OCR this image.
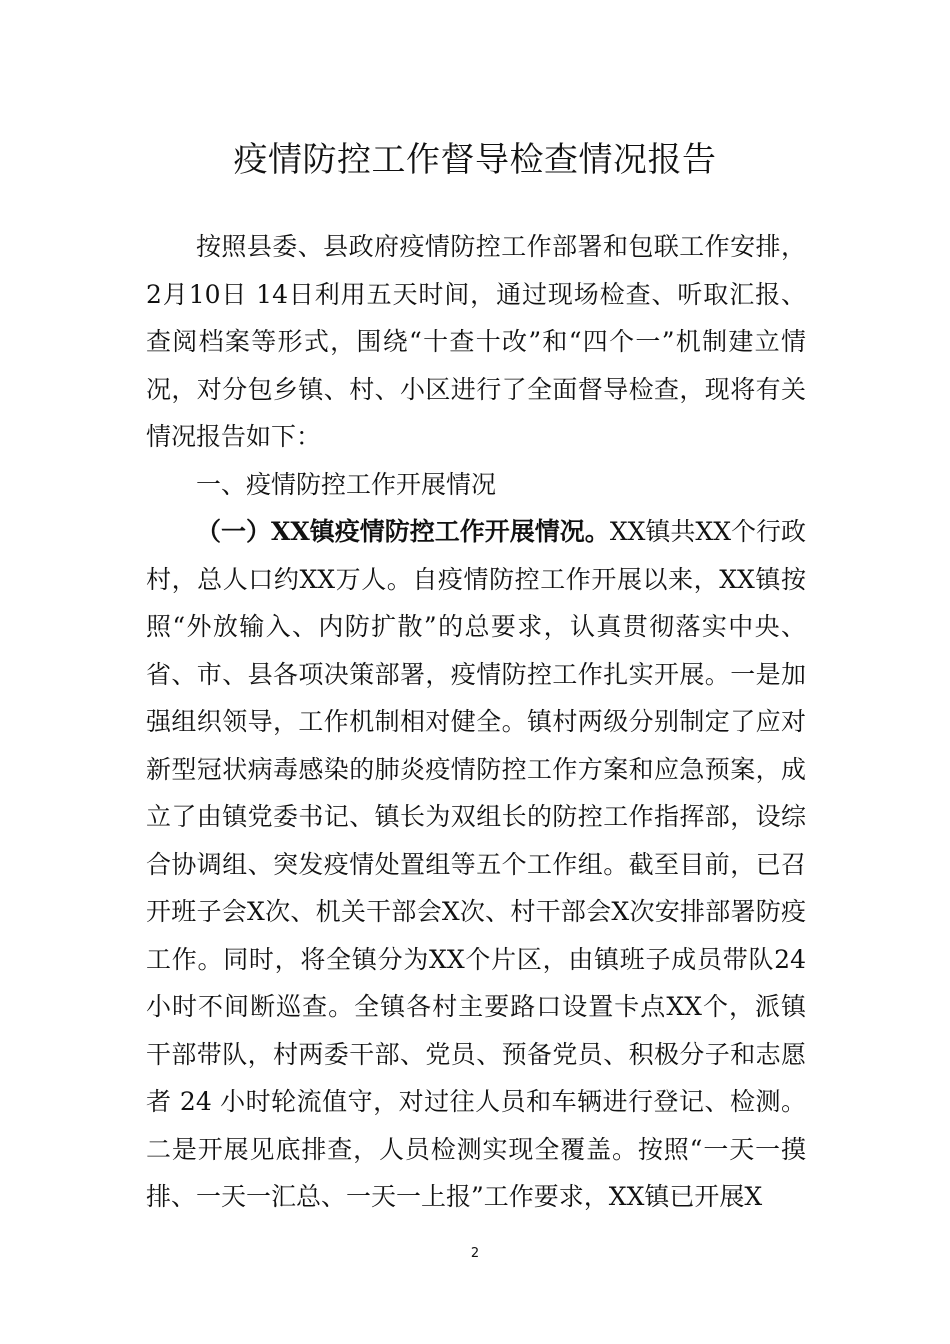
疫情防控工作督导检查情况报告

按照县委、县政府疫情防控工作部署和包联工作安排，2月10日 14日利用五天时间，通过现场检查、听取汇报、查阅档案等形式，围绕“十查十改”和“四个一”机制建立情况，对分包乡镇、村、小区进行了全面督导检查，现将有关情况报告如下：

一、疫情防控工作开展情况

（一）XX镇疫情防控工作开展情况。XX镇共XX个行政村，总人口约XX万人。自疫情防控工作开展以来，XX镇按照“外放输入、内防扩散”的总要求，认真贯彻落实中央、省、市、县各项决策部署，疫情防控工作扎实开展。一是加强组织领导，工作机制相对健全。镇村两级分别制定了应对新型冠状病毒感染的肺炎疫情防控工作方案和应急预案，成立了由镇党委书记、镇长为双组长的防控工作指挥部，设综合协调组、突发疫情处置组等五个工作组。截至目前，已召开班子会X次、机关干部会X次、村干部会X次安排部署防疫工作。同时，将全镇分为XX个片区，由镇班子成员带队24小时不间断巡查。全镇各村主要路口设置卡点XX个，派镇干部带队，村两委干部、党员、预备党员、积极分子和志愿者 24 小时轮流值守，对过往人员和车辆进行登记、检测。二是开展见底排查，人员检测实现全覆盖。按照“一天一摸排、一天一汇总、一天一上报”工作要求，XX镇已开展X

2
